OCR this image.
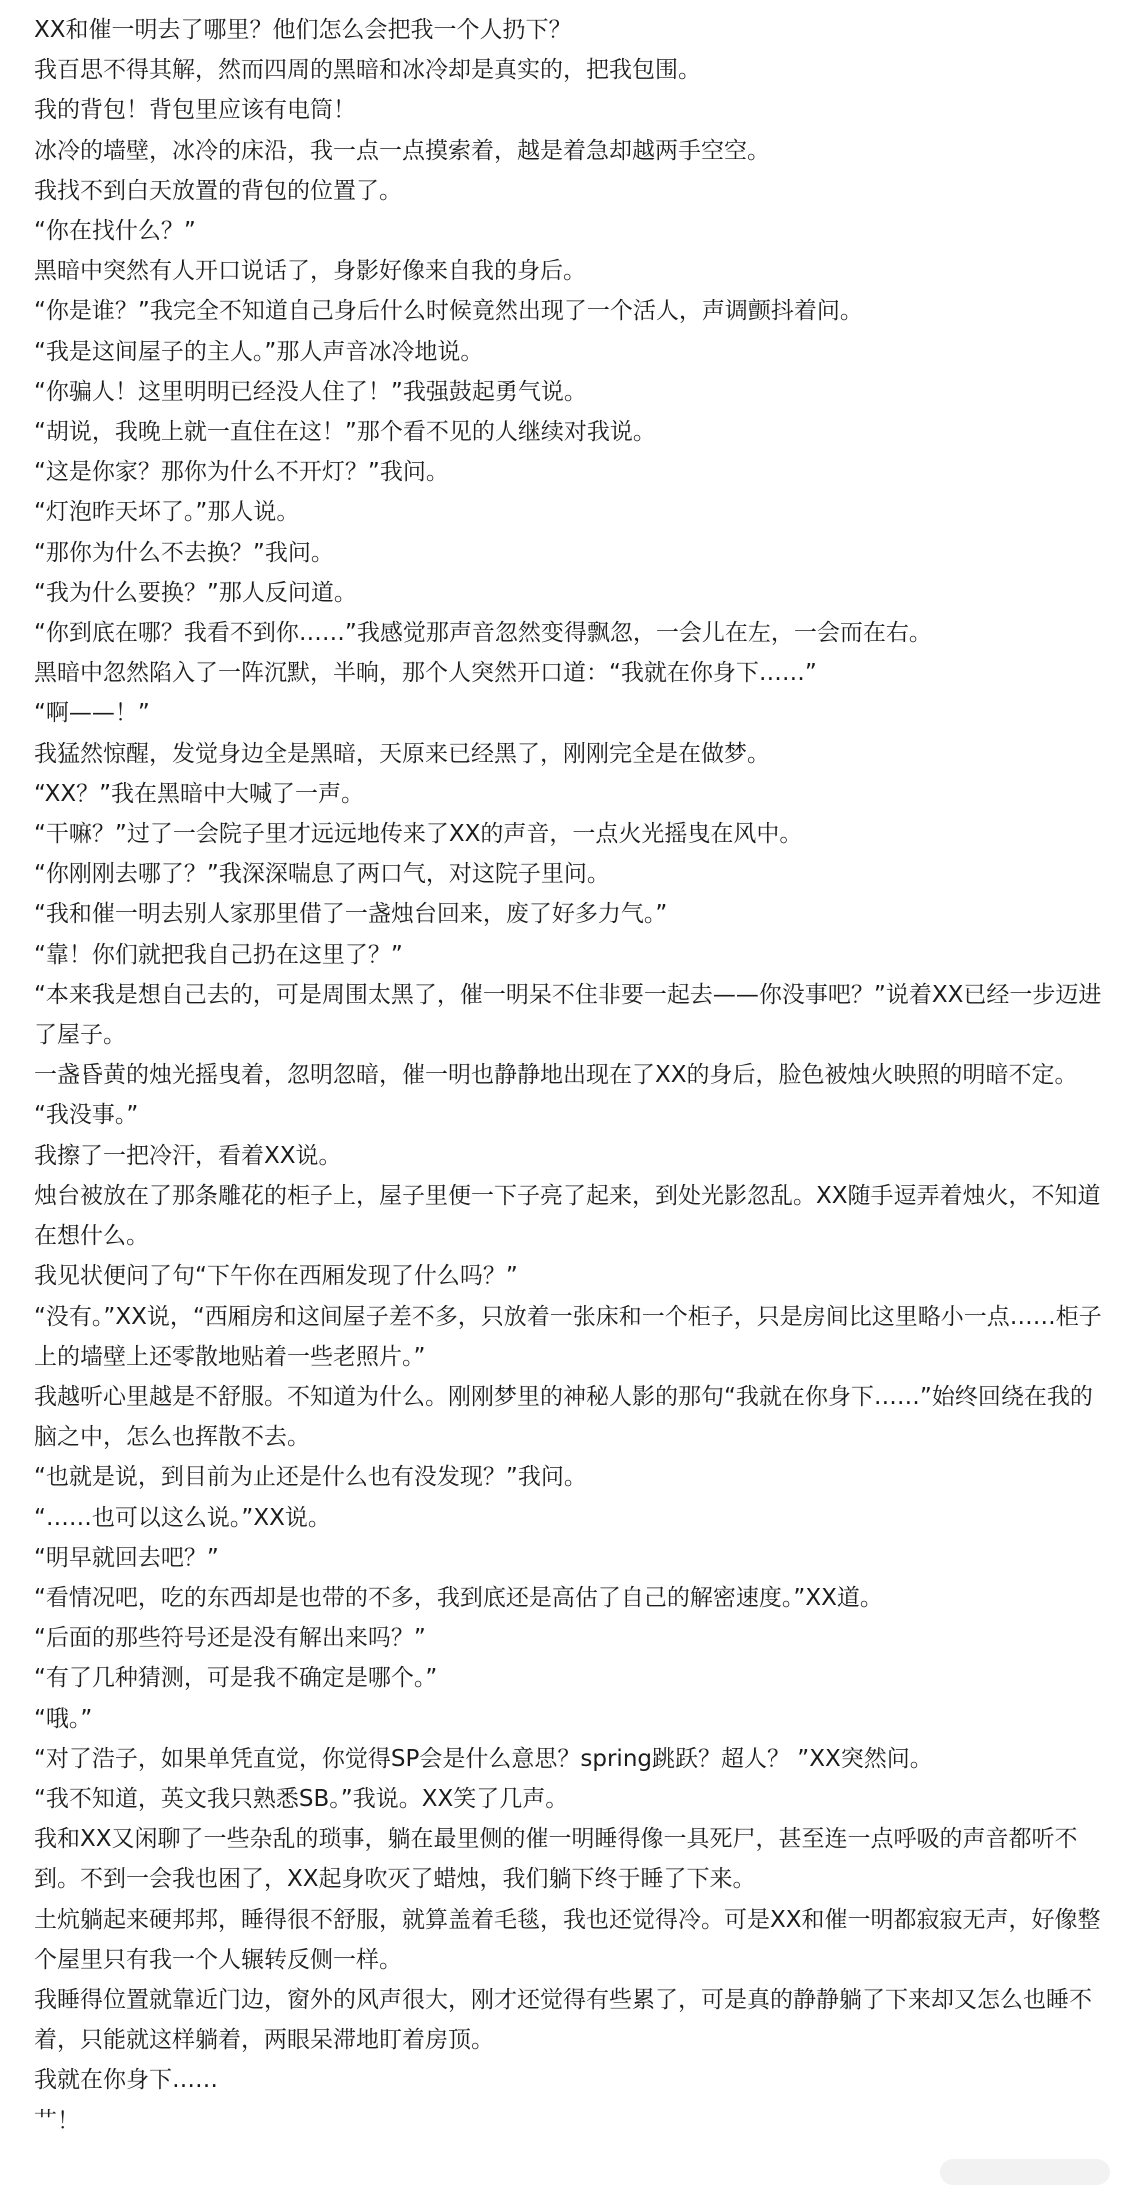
XX和催一明去了哪里？他们怎么会把我一个人扔下？

我百思不得其解，然而四周的黑暗和冰冷却是真实的，把我包围。

我的背包！背包里应该有电筒！

冰冷的墙壁，冰冷的床沿，我一点一点摸索着，越是着急却越两手空空。

我找不到白天放置的背包的位置了。

“你在找什么？”

黑暗中突然有人开口说话了，身影好像来自我的身后。

“你是谁？”我完全不知道自己身后什么时候竟然出现了一个活人，声调颤抖着问。

“我是这间屋子的主人。”那人声音冰冷地说。

“你骗人！这里明明已经没人住了！”我强鼓起勇气说。

“胡说，我晚上就一直住在这！”那个看不见的人继续对我说。

“这是你家？那你为什么不开灯？”我问。

“灯泡昨天坏了。”那人说。

“那你为什么不去换？”我问。

“我为什么要换？”那人反问道。

“你到底在哪？我看不到你……”我感觉那声音忽然变得飘忽，一会儿在左，一会而在右。

黑暗中忽然陷入了一阵沉默，半晌，那个人突然开口道：“我就在你身下……”

“啊——！”

我猛然惊醒，发觉身边全是黑暗，天原来已经黑了，刚刚完全是在做梦。

“XX？”我在黑暗中大喊了一声。

“干嘛？”过了一会院子里才远远地传来了XX的声音，一点火光摇曳在风中。

“你刚刚去哪了？”我深深喘息了两口气，对这院子里问。

“我和催一明去别人家那里借了一盏烛台回来，废了好多力气。”

“靠！你们就把我自己扔在这里了？”

“本来我是想自己去的，可是周围太黑了，催一明呆不住非要一起去——你没事吧？”说着XX已经一步迈进了屋子。

一盏昏黄的烛光摇曳着，忽明忽暗，催一明也静静地出现在了XX的身后，脸色被烛火映照的明暗不定。

“我没事。”

我擦了一把冷汗，看着XX说。

烛台被放在了那条雕花的柜子上，屋子里便一下子亮了起来，到处光影忽乱。XX随手逗弄着烛火，不知道在想什么。

我见状便问了句“下午你在西厢发现了什么吗？”

“没有。”XX说，“西厢房和这间屋子差不多，只放着一张床和一个柜子，只是房间比这里略小一点……柜子上的墙壁上还零散地贴着一些老照片。”

我越听心里越是不舒服。不知道为什么。刚刚梦里的神秘人影的那句“我就在你身下……”始终回绕在我的脑之中，怎么也挥散不去。

“也就是说，到目前为止还是什么也有没发现？”我问。

“……也可以这么说。”XX说。

“明早就回去吧？”

“看情况吧，吃的东西却是也带的不多，我到底还是高估了自己的解密速度。”XX道。

“后面的那些符号还是没有解出来吗？”

“有了几种猜测，可是我不确定是哪个。”

“哦。”

“对了浩子，如果单凭直觉，你觉得SP会是什么意思？spring跳跃？超人？ ”XX突然问。

“我不知道，英文我只熟悉SB。”我说。XX笑了几声。

我和XX又闲聊了一些杂乱的琐事，躺在最里侧的催一明睡得像一具死尸，甚至连一点呼吸的声音都听不到。不到一会我也困了，XX起身吹灭了蜡烛，我们躺下终于睡了下来。

土炕躺起来硬邦邦，睡得很不舒服，就算盖着毛毯，我也还觉得冷。可是XX和催一明都寂寂无声，好像整个屋里只有我一个人辗转反侧一样。

我睡得位置就靠近门边，窗外的风声很大，刚才还觉得有些累了，可是真的静静躺了下来却又怎么也睡不着，只能就这样躺着，两眼呆滞地盯着房顶。

我就在你身下……

艹！
